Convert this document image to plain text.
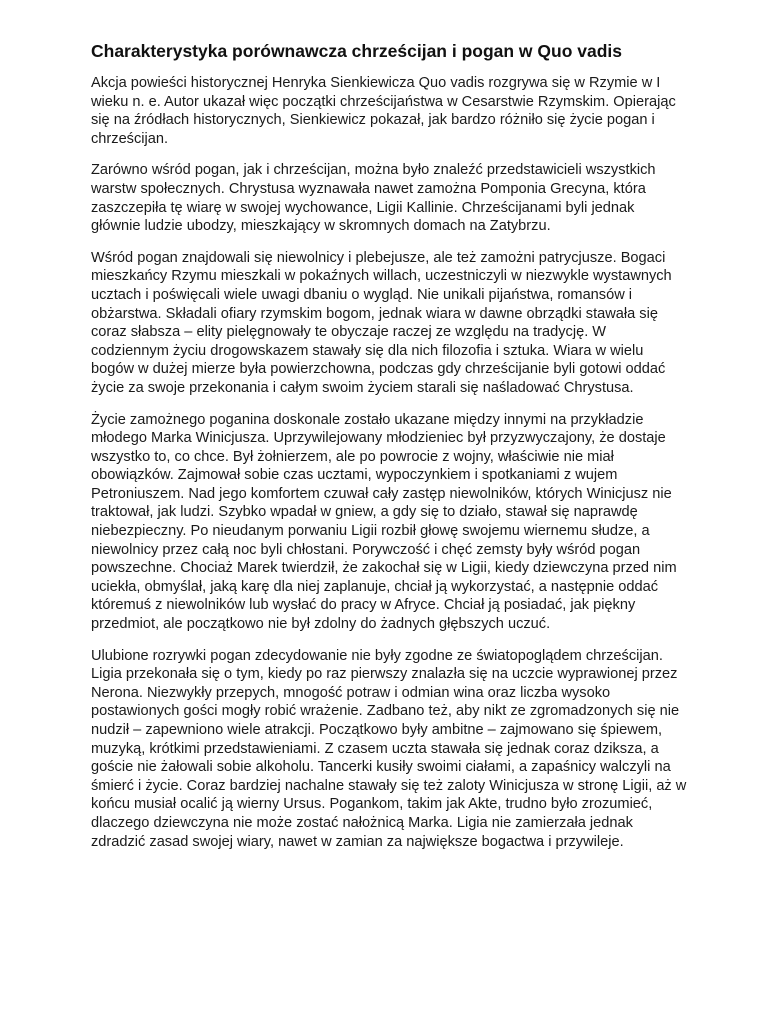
Charakterystyka porównawcza chrześcijan i pogan w Quo vadis

Akcja powieści historycznej Henryka Sienkiewicza Quo vadis rozgrywa się w Rzymie w I wieku n. e. Autor ukazał więc początki chrześcijaństwa w Cesarstwie Rzymskim. Opierając się na źródłach historycznych, Sienkiewicz pokazał, jak bardzo różniło się życie pogan i chrześcijan.

Zarówno wśród pogan, jak i chrześcijan, można było znaleźć przedstawicieli wszystkich warstw społecznych. Chrystusa wyznawała nawet zamożna Pomponia Grecyna, która zaszczepiła tę wiarę w swojej wychowance, Ligii Kallinie. Chrześcijanami byli jednak głównie ludzie ubodzy, mieszkający w skromnych domach na Zatybrzu.

Wśród pogan znajdowali się niewolnicy i plebejusze, ale też zamożni patrycjusze. Bogaci mieszkańcy Rzymu mieszkali w pokaźnych willach, uczestniczyli w niezwykle wystawnych ucztach i poświęcali wiele uwagi dbaniu o wygląd. Nie unikali pijaństwa, romansów i obżarstwa. Składali ofiary rzymskim bogom, jednak wiara w dawne obrządki stawała się coraz słabsza – elity pielęgnowały te obyczaje raczej ze względu na tradycję. W codziennym życiu drogowskazem stawały się dla nich filozofia i sztuka. Wiara w wielu bogów w dużej mierze była powierzchowna, podczas gdy chrześcijanie byli gotowi oddać życie za swoje przekonania i całym swoim życiem starali się naśladować Chrystusa.

Życie zamożnego poganina doskonale zostało ukazane między innymi na przykładzie młodego Marka Winicjusza. Uprzywilejowany młodzieniec był przyzwyczajony, że dostaje wszystko to, co chce. Był żołnierzem, ale po powrocie z wojny, właściwie nie miał obowiązków. Zajmował sobie czas ucztami, wypoczynkiem i spotkaniami z wujem Petroniuszem. Nad jego komfortem czuwał cały zastęp niewolników, których Winicjusz nie traktował, jak ludzi. Szybko wpadał w gniew, a gdy się to działo, stawał się naprawdę niebezpieczny. Po nieudanym porwaniu Ligii rozbił głowę swojemu wiernemu słudze, a niewolnicy przez całą noc byli chłostani. Porywczość i chęć zemsty były wśród pogan powszechne. Chociaż Marek twierdził, że zakochał się w Ligii, kiedy dziewczyna przed nim uciekła, obmyślał, jaką karę dla niej zaplanuje, chciał ją wykorzystać, a następnie oddać któremuś z niewolników lub wysłać do pracy w Afryce. Chciał ją posiadać, jak piękny przedmiot, ale początkowo nie był zdolny do żadnych głębszych uczuć.

Ulubione rozrywki pogan zdecydowanie nie były zgodne ze światopoglądem chrześcijan. Ligia przekonała się o tym, kiedy po raz pierwszy znalazła się na uczcie wyprawionej przez Nerona. Niezwykły przepych, mnogość potraw i odmian wina oraz liczba wysoko postawionych gości mogły robić wrażenie. Zadbano też, aby nikt ze zgromadzonych się nie nudził – zapewniono wiele atrakcji. Początkowo były ambitne – zajmowano się śpiewem, muzyką, krótkimi przedstawieniami. Z czasem uczta stawała się jednak coraz dziksza, a goście nie żałowali sobie alkoholu. Tancerki kusiły swoimi ciałami, a zapaśnicy walczyli na śmierć i życie. Coraz bardziej nachalne stawały się też zaloty Winicjusza w stronę Ligii, aż w końcu musiał ocalić ją wierny Ursus. Pogankom, takim jak Akte, trudno było zrozumieć, dlaczego dziewczyna nie może zostać nałożnicą Marka. Ligia nie zamierzała jednak zdradzić zasad swojej wiary, nawet w zamian za największe bogactwa i przywileje.
